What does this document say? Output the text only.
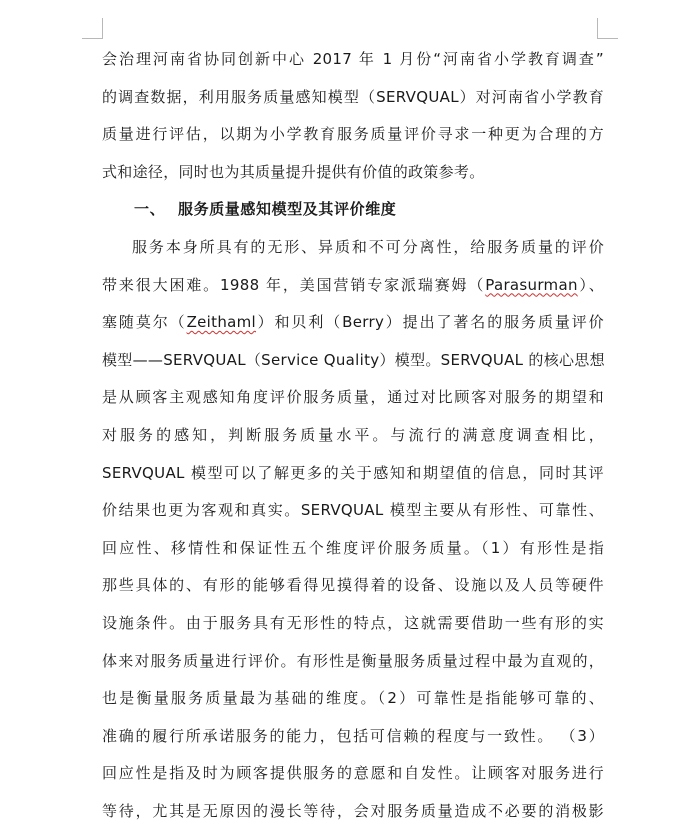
会治理河南省协同创新中心 2017 年 1 月份“河南省小学教育调查”
的调查数据，利用服务质量感知模型（SERVQUAL）对河南省小学教育
质量进行评估，以期为小学教育服务质量评价寻求一种更为合理的方
式和途径，同时也为其质量提升提供有价值的政策参考。
一、 服务质量感知模型及其评价维度
服务本身所具有的无形、异质和不可分离性，给服务质量的评价
带来很大困难。1988 年，美国营销专家派瑞赛姆（Parasurman）、
塞随莫尔（Zeithaml）和贝利（Berry）提出了著名的服务质量评价
模型——SERVQUAL（Service Quality）模型。SERVQUAL 的核心思想
是从顾客主观感知角度评价服务质量，通过对比顾客对服务的期望和
对服务的感知，判断服务质量水平。与流行的满意度调查相比，
SERVQUAL 模型可以了解更多的关于感知和期望值的信息，同时其评
价结果也更为客观和真实。SERVQUAL 模型主要从有形性、可靠性、
回应性、移情性和保证性五个维度评价服务质量。（1）有形性是指
那些具体的、有形的能够看得见摸得着的设备、设施以及人员等硬件
设施条件。由于服务具有无形性的特点，这就需要借助一些有形的实
体来对服务质量进行评价。有形性是衡量服务质量过程中最为直观的，
也是衡量服务质量最为基础的维度。（2）可靠性是指能够可靠的、
准确的履行所承诺服务的能力，包括可信赖的程度与一致性。 （3）
回应性是指及时为顾客提供服务的意愿和自发性。让顾客对服务进行
等待，尤其是无原因的漫长等待，会对服务质量造成不必要的消极影
